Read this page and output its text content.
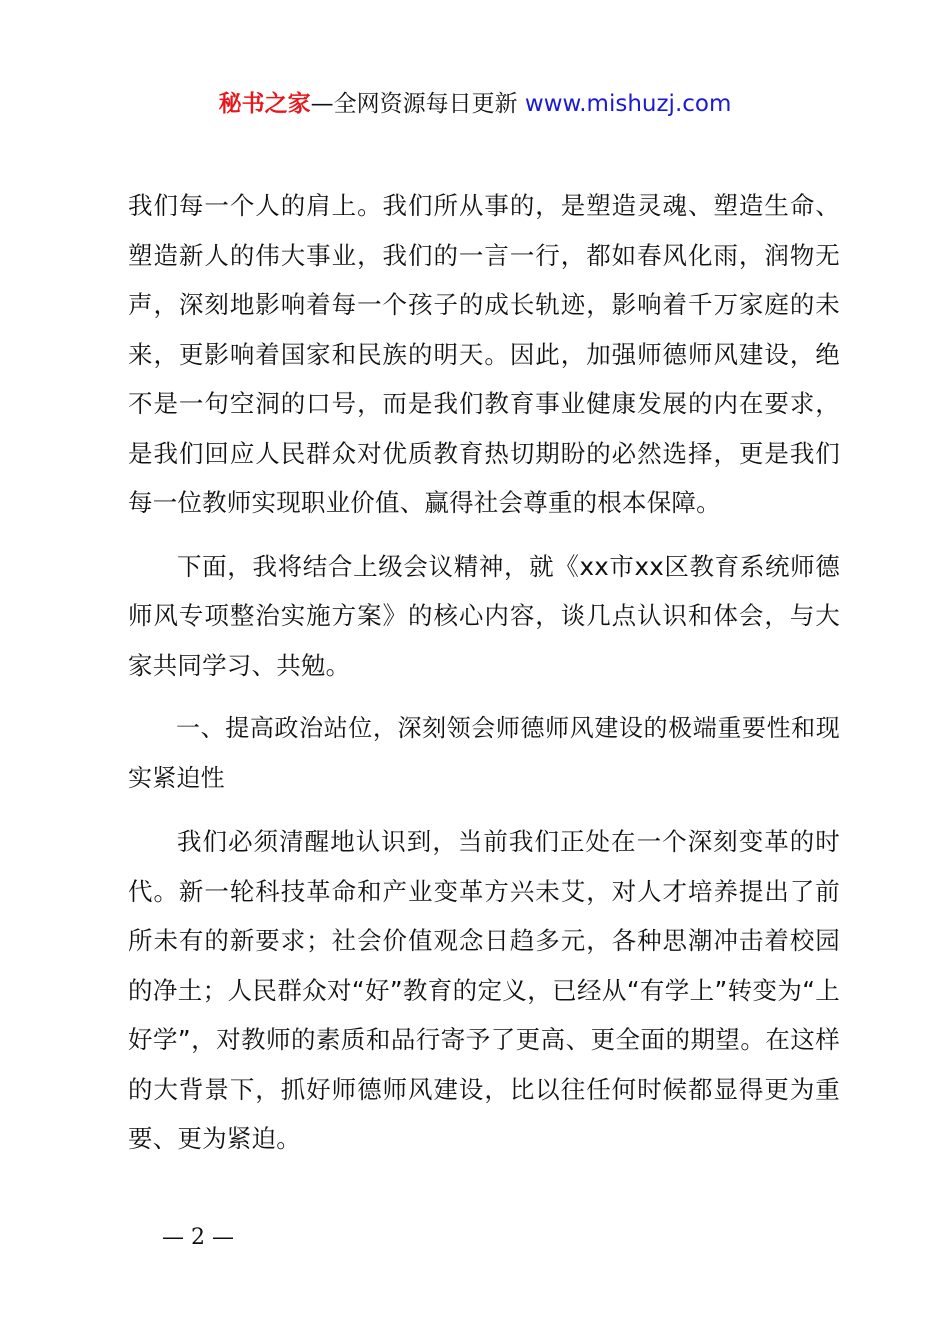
秘书之家—全网资源每日更新 www.mishuzj.com

我们每一个人的肩上。我们所从事的，是塑造灵魂、塑造生命、塑造新人的伟大事业，我们的一言一行，都如春风化雨，润物无声，深刻地影响着每一个孩子的成长轨迹，影响着千万家庭的未来，更影响着国家和民族的明天。因此，加强师德师风建设，绝不是一句空洞的口号，而是我们教育事业健康发展的内在要求，是我们回应人民群众对优质教育热切期盼的必然选择，更是我们每一位教师实现职业价值、赢得社会尊重的根本保障。

下面，我将结合上级会议精神，就《xx市xx区教育系统师德师风专项整治实施方案》的核心内容，谈几点认识和体会，与大家共同学习、共勉。

一、提高政治站位，深刻领会师德师风建设的极端重要性和现实紧迫性

我们必须清醒地认识到，当前我们正处在一个深刻变革的时代。新一轮科技革命和产业变革方兴未艾，对人才培养提出了前所未有的新要求；社会价值观念日趋多元，各种思潮冲击着校园的净土；人民群众对“好”教育的定义，已经从“有学上”转变为“上好学”，对教师的素质和品行寄予了更高、更全面的期望。在这样的大背景下，抓好师德师风建设，比以往任何时候都显得更为重要、更为紧迫。

— 2 —
